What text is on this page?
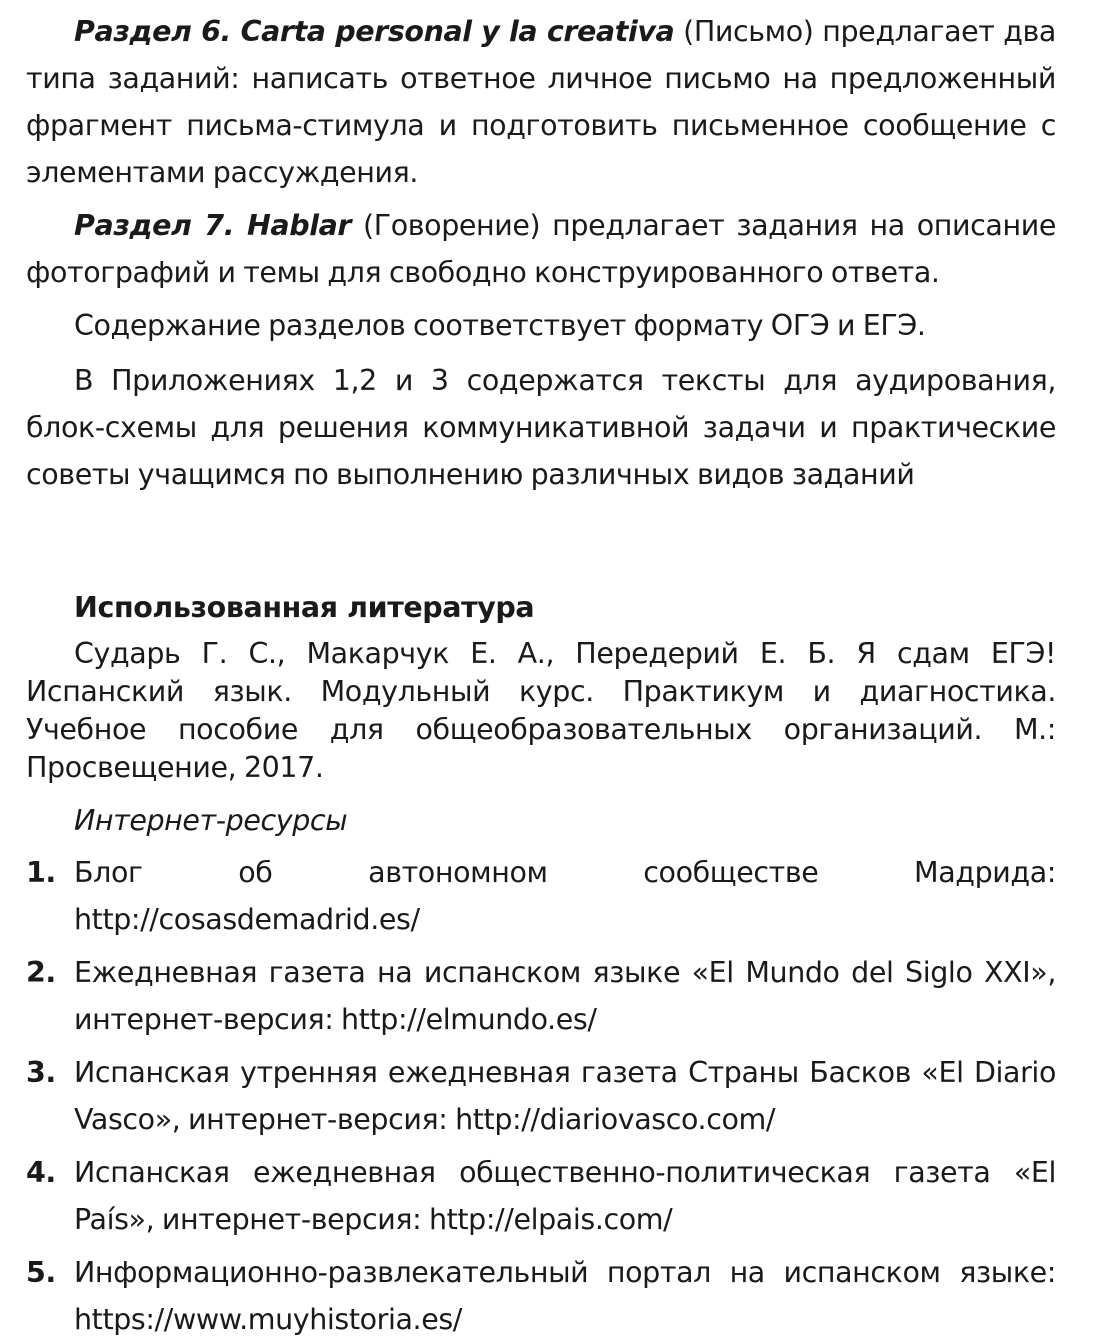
Раздел 6. Carta personal y la creativa (Письмо) предлагает два типа заданий: написать ответное личное письмо на предложенный фрагмент письма-стимула и подготовить письменное сообщение с элементами рассуждения.

Раздел 7. Hablar (Говорение) предлагает задания на описание фотографий и темы для свободно конструированного ответа.

Содержание разделов соответствует формату ОГЭ и ЕГЭ.

В Приложениях 1,2 и 3 содержатся тексты для аудирования, блок-схемы для решения коммуникативной задачи и практические советы учащимся по выполнению различных видов заданий

Использованная литература

Сударь Г. С., Макарчук Е. А., Передерий Е. Б. Я сдам ЕГЭ! Испанский язык. Модульный курс. Практикум и диагностика. Учебное пособие для общеобразовательных организаций. М.: Просвещение, 2017.

Интернет-ресурсы
1. Блог об автономном сообществе Мадрида: http://cosasdemadrid.es/
2. Ежедневная газета на испанском языке «El Mundo del Siglo XXI», интернет-версия: http://elmundo.es/
3. Испанская утренняя ежедневная газета Страны Басков «El Diario Vasco», интернет-версия: http://diariovasco.com/
4. Испанская ежедневная общественно-политическая газета «El País», интернет-версия: http://elpais.com/
5. Информационно-развлекательный портал на испанском языке: https://www.muyhistoria.es/
